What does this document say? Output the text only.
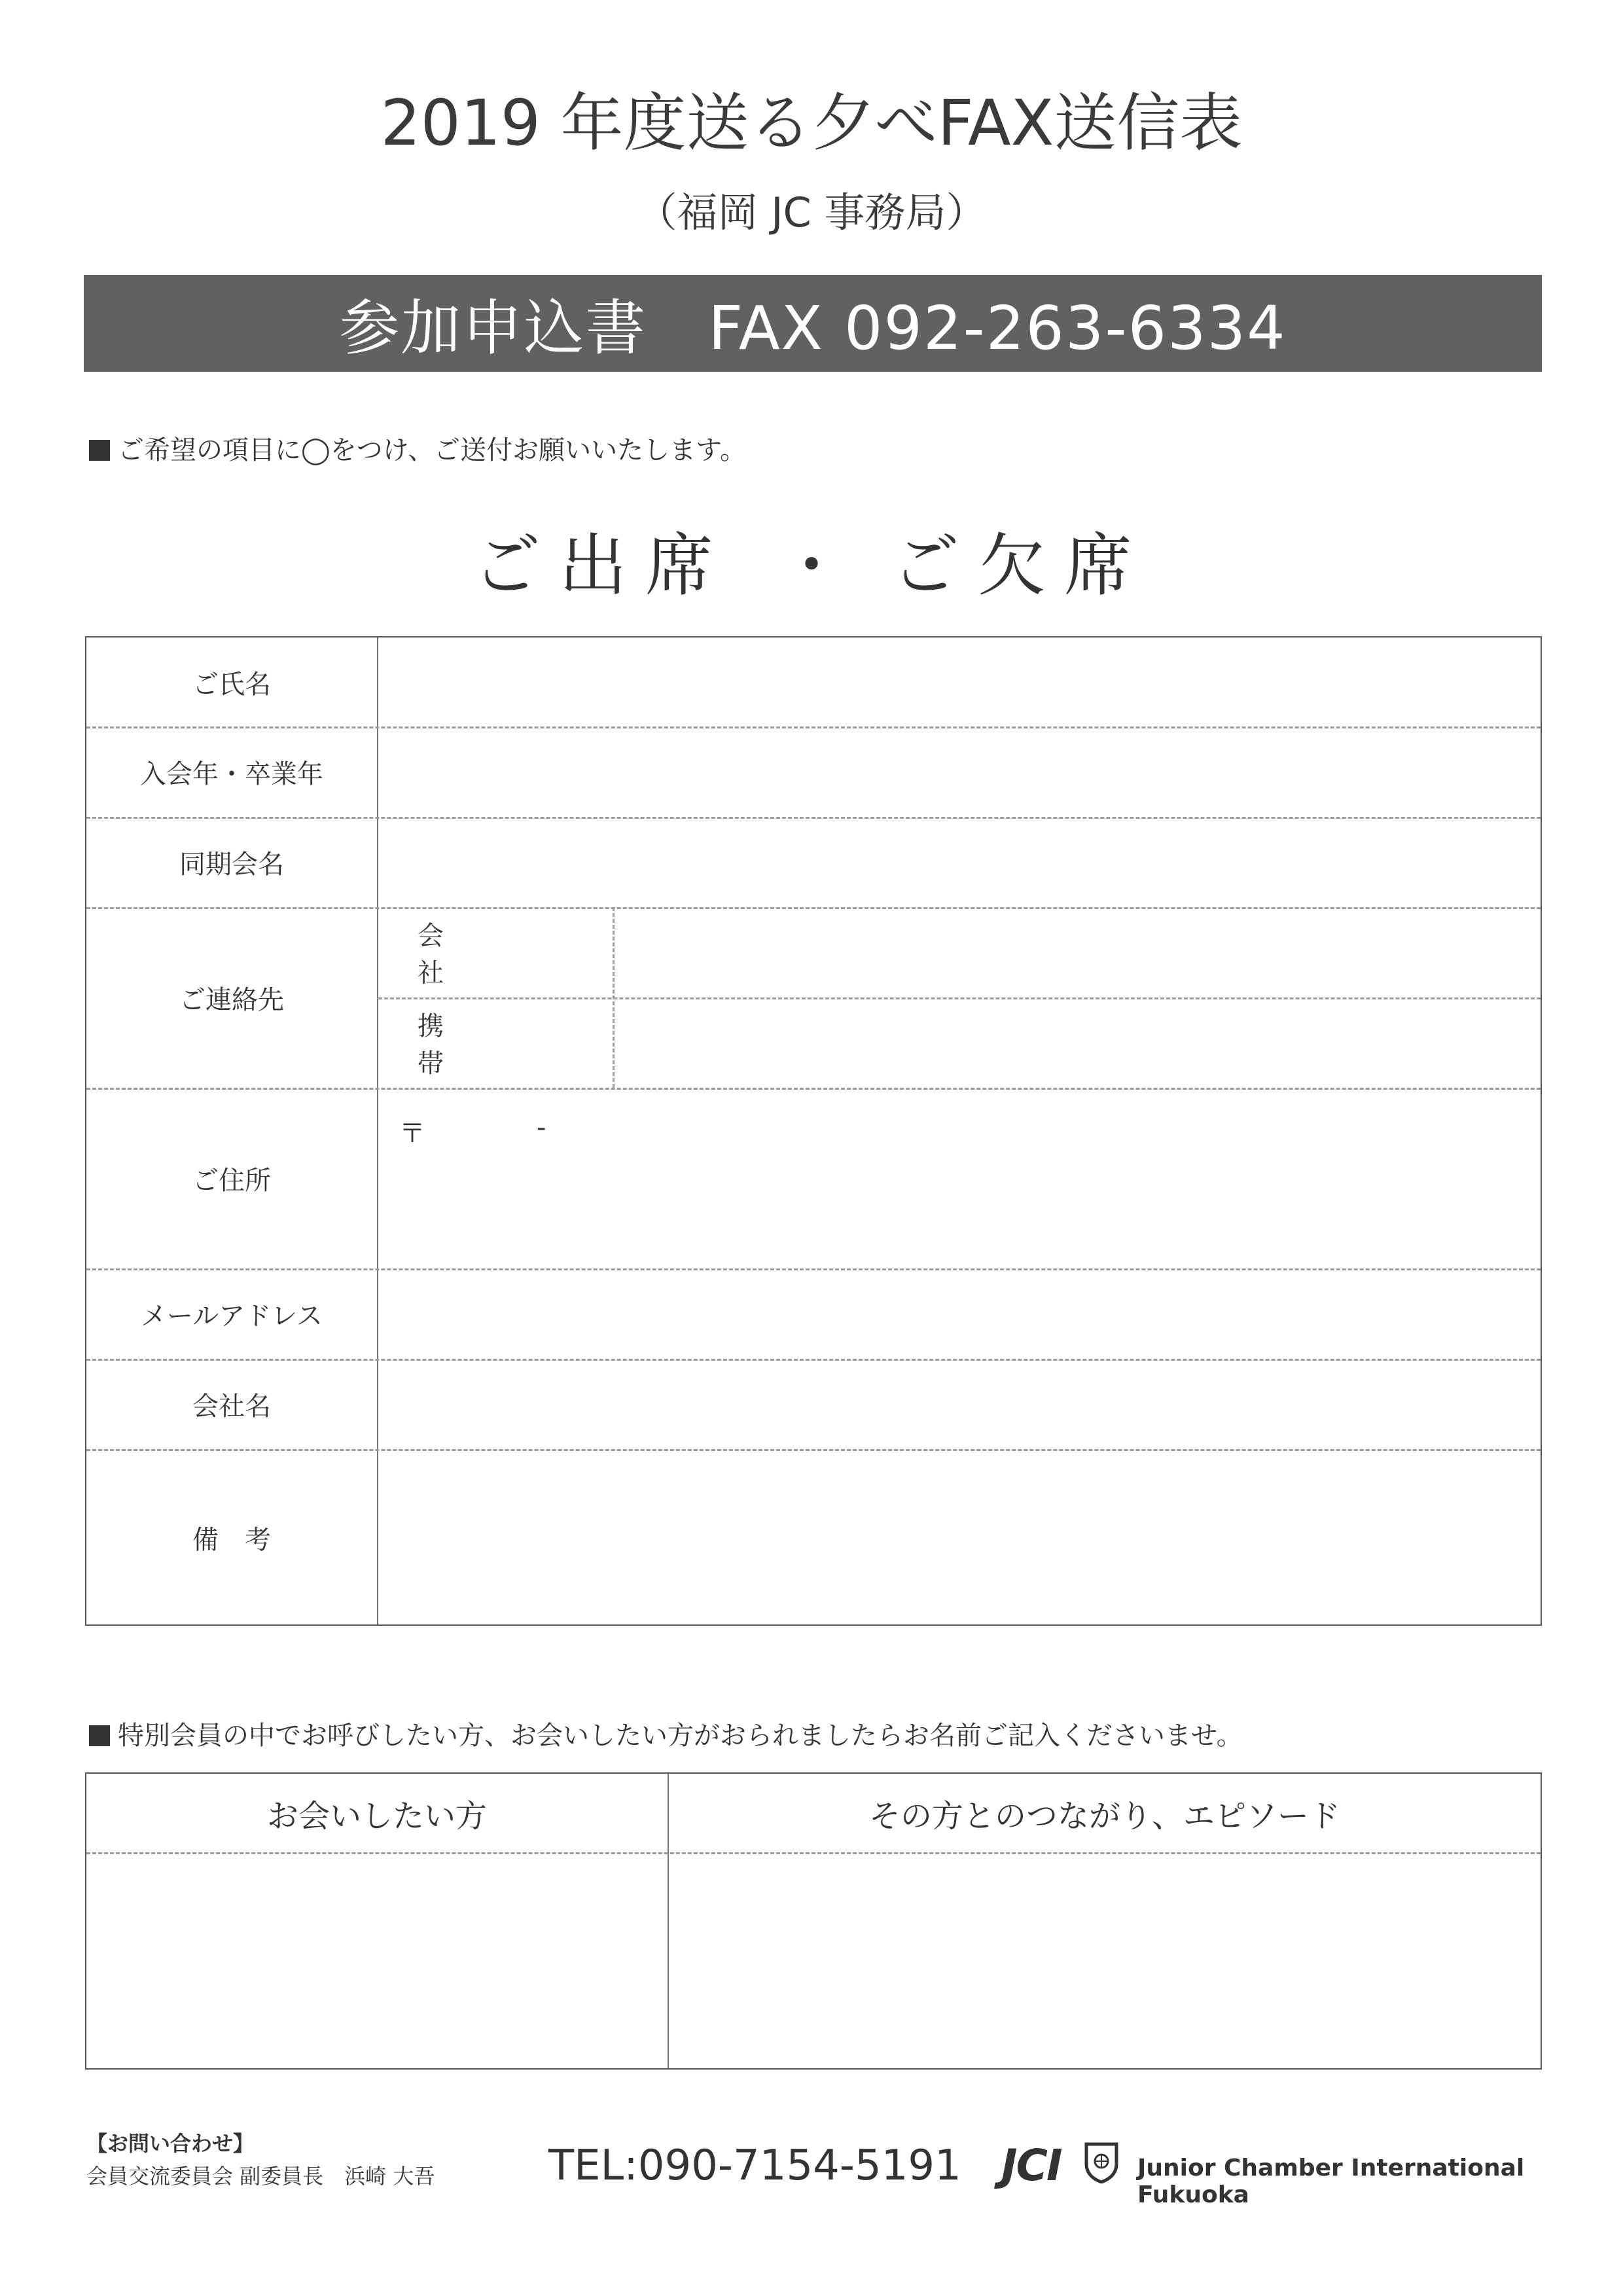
2019 年度送る夕べFAX送信表
（福岡 JC 事務局）
参加申込書　FAX 092-263-6334
ご希望の項目に◯をつけ、ご送付お願いいたします。
ご出席 ・ ご欠席
ご氏名
入会年・卒業年
同期会名
ご連絡先
会　社
携　帯
ご住所
〒	-
メールアドレス
会社名
備　考
特別会員の中でお呼びしたい方、お会いしたい方がおられましたらお名前ご記入くださいませ。
お会いしたい方	その方とのつながり、エピソード
【お問い合わせ】
会員交流委員会 副委員長　浜崎 大吾	TEL:090-7154-5191 JCI	Junior Chamber International Fukuoka
